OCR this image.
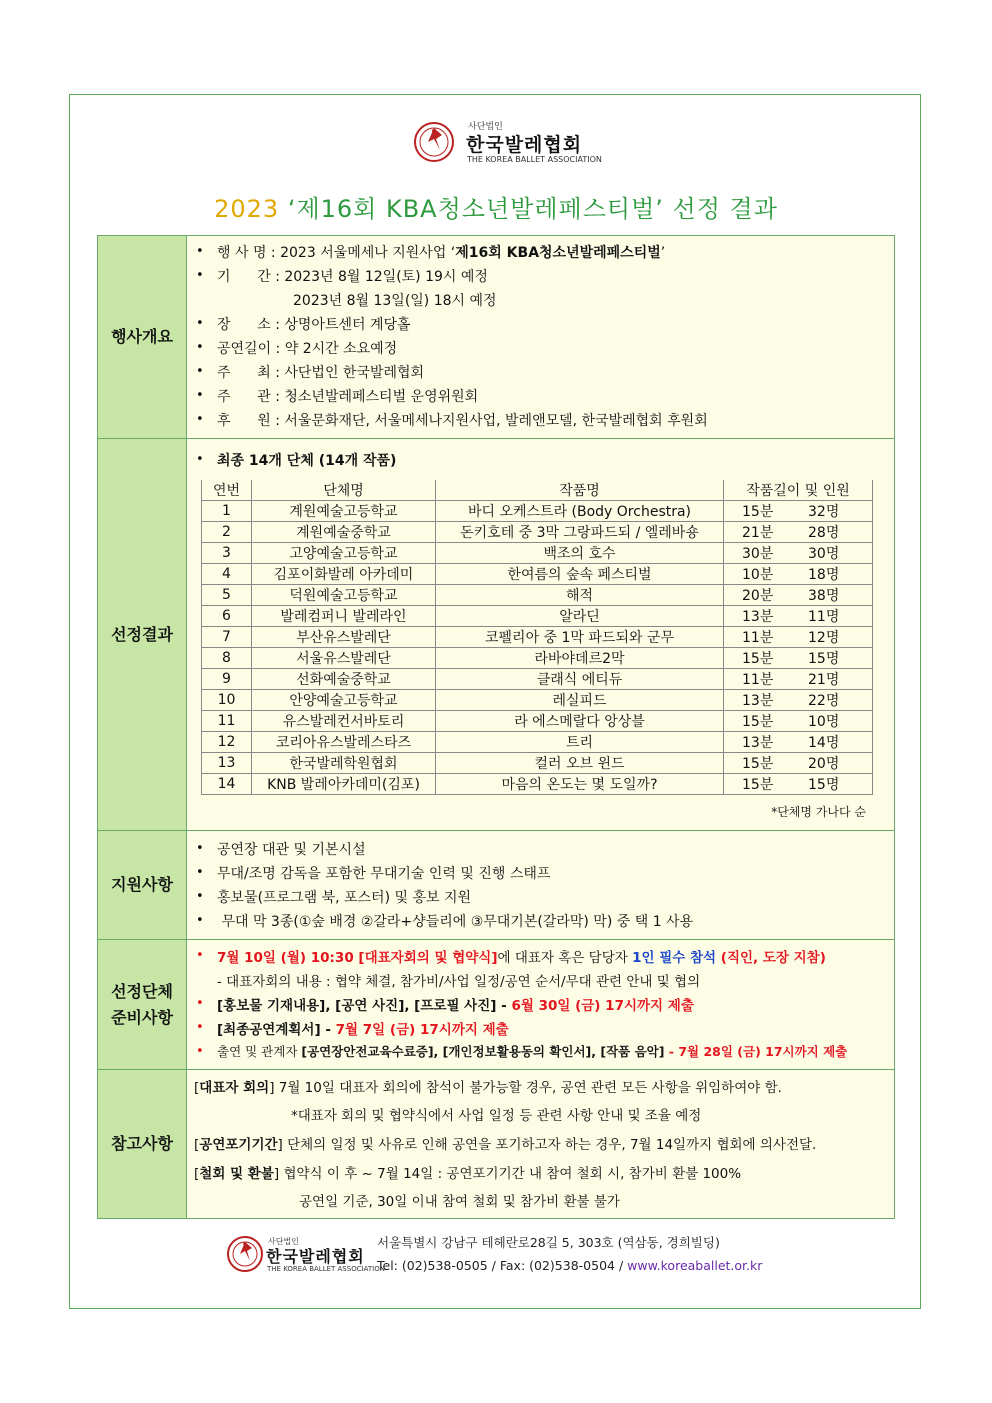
사단법인
한국발레협회
THE KOREA BALLET ASSOCIATION
2023 ‘제16회 KBA청소년발레페스티벌’ 선정 결과
행사개요
• 행 사 명 : 2023 서울메세나 지원사업 ‘제16회 KBA청소년발레페스티벌’
• 기      간 : 2023년 8월 12일(토) 19시 예정
2023년 8월 13일(일) 18시 예정
• 장      소 : 상명아트센터 계당홀
• 공연길이 : 약 2시간 소요예정
• 주      최 : 사단법인 한국발레협회
• 주      관 : 청소년발레페스티벌 운영위원회
• 후      원 : 서울문화재단, 서울메세나지원사업, 발레앤모델, 한국발레협회 후원회
선정결과
• 최종 14개 단체 (14개 작품)
연번	단체명	작품명	작품길이 및 인원
1	계원예술고등학교	바디 오케스트라 (Body Orchestra)	15분 32명
2	계원예술중학교	돈키호테 중 3막 그랑파드되 / 엘레바숑	21분 28명
3	고양예술고등학교	백조의 호수	30분 30명
4	김포이화발레 아카데미	한여름의 숲속 페스티벌	10분 18명
5	덕원예술고등학교	해적	20분 38명
6	발레컴퍼니 발레라인	알라딘	13분 11명
7	부산유스발레단	코펠리아 중 1막 파드되와 군무	11분 12명
8	서울유스발레단	라바야데르2막	15분 15명
9	선화예술중학교	클래식 에티듀	11분 21명
10	안양예술고등학교	레실피드	13분 22명
11	유스발레컨서바토리	라 에스메랄다 앙상블	15분 10명
12	코리아유스발레스타즈	트리	13분 14명
13	한국발레학원협회	컬러 오브 윈드	15분 20명
14	KNB 발레아카데미(김포)	마음의 온도는 몇 도일까?	15분 15명
*단체명 가나다 순
지원사항
• 공연장 대관 및 기본시설
• 무대/조명 감독을 포함한 무대기술 인력 및 진행 스태프
• 홍보물(프로그램 북, 포스터) 및 홍보 지원
• 무대 막 3종(①숲 배경 ②갈라+샹들리에 ③무대기본(갈라막) 막) 중 택 1 사용
선정단체
준비사항
• 7월 10일 (월) 10:30 [대표자회의 및 협약식]에 대표자 혹은 담당자 1인 필수 참석 (직인, 도장 지참)
- 대표자회의 내용 : 협약 체결, 참가비/사업 일정/공연 순서/무대 관련 안내 및 협의
• [홍보물 기재내용], [공연 사진], [프로필 사진] - 6월 30일 (금) 17시까지 제출
• [최종공연계획서] - 7월 7일 (금) 17시까지 제출
• 출연 및 관계자 [공연장안전교육수료증], [개인정보활용동의 확인서], [작품 음악] - 7월 28일 (금) 17시까지 제출
참고사항
[대표자 회의] 7월 10일 대표자 회의에 참석이 불가능할 경우, 공연 관련 모든 사항을 위임하여야 함.
*대표자 회의 및 협약식에서 사업 일정 등 관련 사항 안내 및 조율 예정
[공연포기기간] 단체의 일정 및 사유로 인해 공연을 포기하고자 하는 경우, 7월 14일까지 협회에 의사전달.
[철회 및 환불] 협약식 이 후 ~ 7월 14일 : 공연포기기간 내 참여 철회 시, 참가비 환불 100%
공연일 기준, 30일 이내 참여 철회 및 참가비 환불 불가
사단법인
한국발레협회
THE KOREA BALLET ASSOCIATION
서울특별시 강남구 테헤란로28길 5, 303호 (역삼동, 경희빌딩)
Tel: (02)538-0505 / Fax: (02)538-0504 / www.koreaballet.or.kr
